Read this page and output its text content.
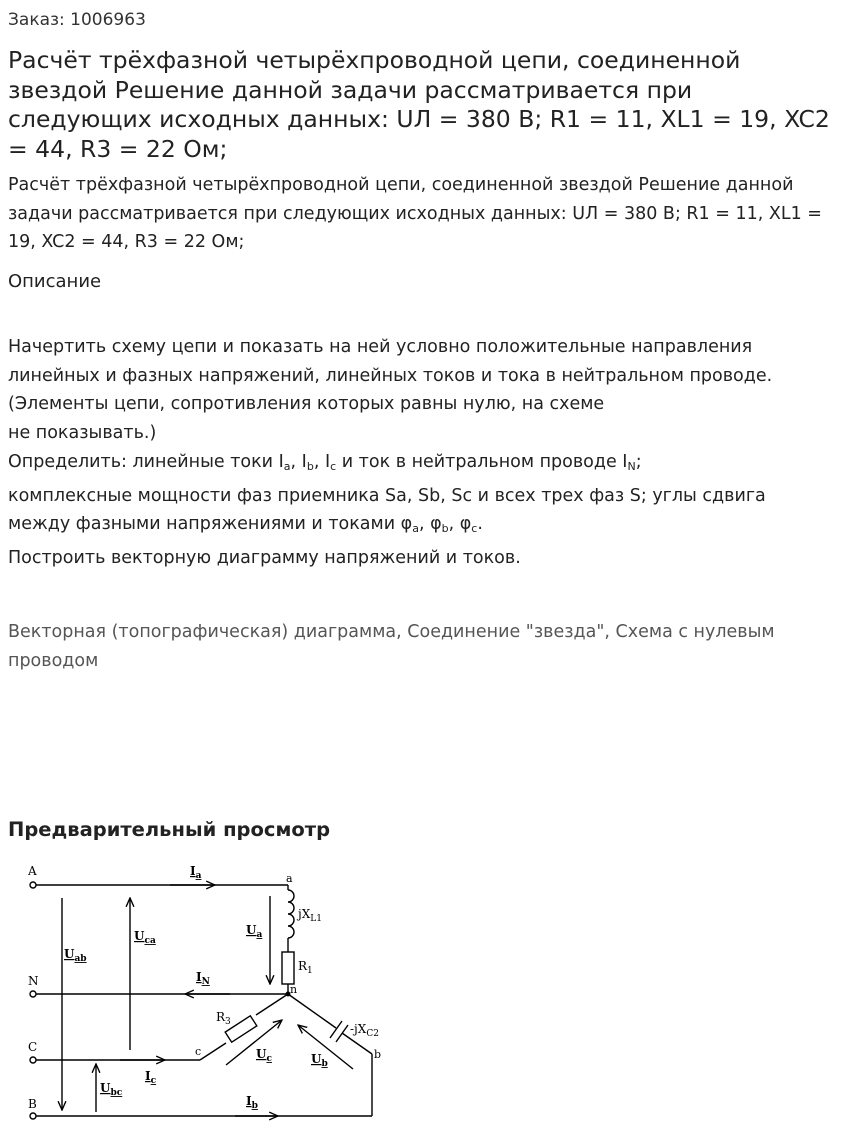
Заказ: 1006963
Расчёт трёхфазной четырёхпроводной цепи, соединенной звездой Решение данной задачи рассматривается при следующих исходных данных: UЛ = 380 В; R1 = 11, XL1 = 19, XC2 = 44, R3 = 22 Ом;

Расчёт трёхфазной четырёхпроводной цепи, соединенной звездой Решение данной задачи рассматривается при следующих исходных данных: UЛ = 380 В; R1 = 11, XL1 = 19, XC2 = 44, R3 = 22 Ом;

Описание
Начертить схему цепи и показать на ней условно положительные направления линейных и фазных напряжений, линейных токов и тока в нейтральном проводе.
(Элементы цепи, сопротивления которых равны нулю, на схеме
не показывать.)
Определить: линейные токи $I_a$, $I_b$, $I_c$ и ток в нейтральном проводе $I_N$;
комплексные мощности фаз приемника Sa, Sb, Sc и всех трех фаз S; углы сдвига
между фазными напряжениями и токами $\varphi_a$, $\varphi_b$, $\varphi_c$.
Построить векторную диаграмму напряжений и токов.
Векторная (топографическая) диаграмма, Соединение "звезда", Схема с нулевым проводом
Предварительный просмотр
A
N
C
B
a
n
c	b
$I_a$
$I_N$
$I_c$
$I_b$
$U_{ab}$
$U_{ca}$
$U_{bc}$
$U_a$
$U_c$	$U_b$
$jX_{L1}$
$R_1$
$R_3$	$-jX_{C2}$
